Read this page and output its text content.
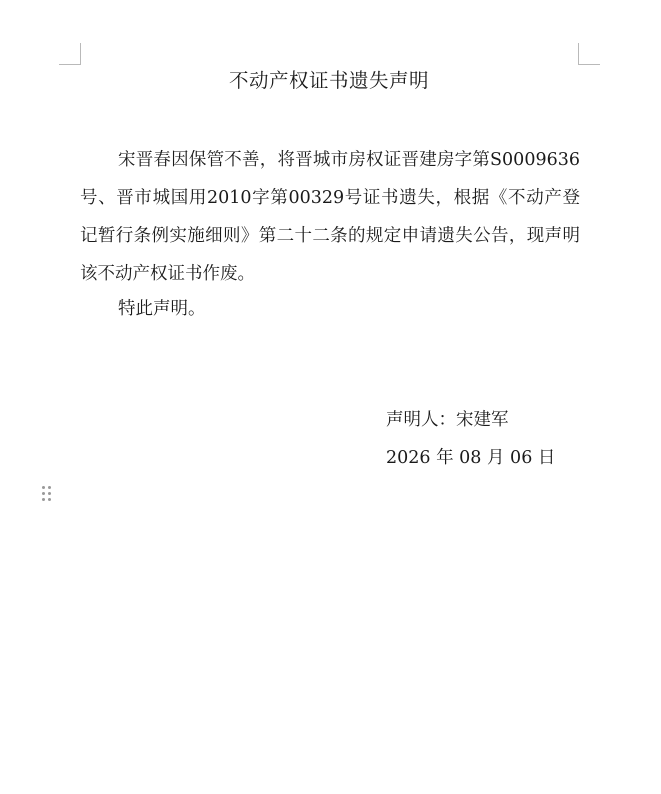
不动产权证书遗失声明

宋晋春因保管不善，将晋城市房权证晋建房字第S0009636号、晋市城国用2010字第00329号证书遗失，根据《不动产登记暂行条例实施细则》第二十二条的规定申请遗失公告，现声明该不动产权证书作废。

特此声明。

声明人：宋建军

2026 年 08 月 06 日
